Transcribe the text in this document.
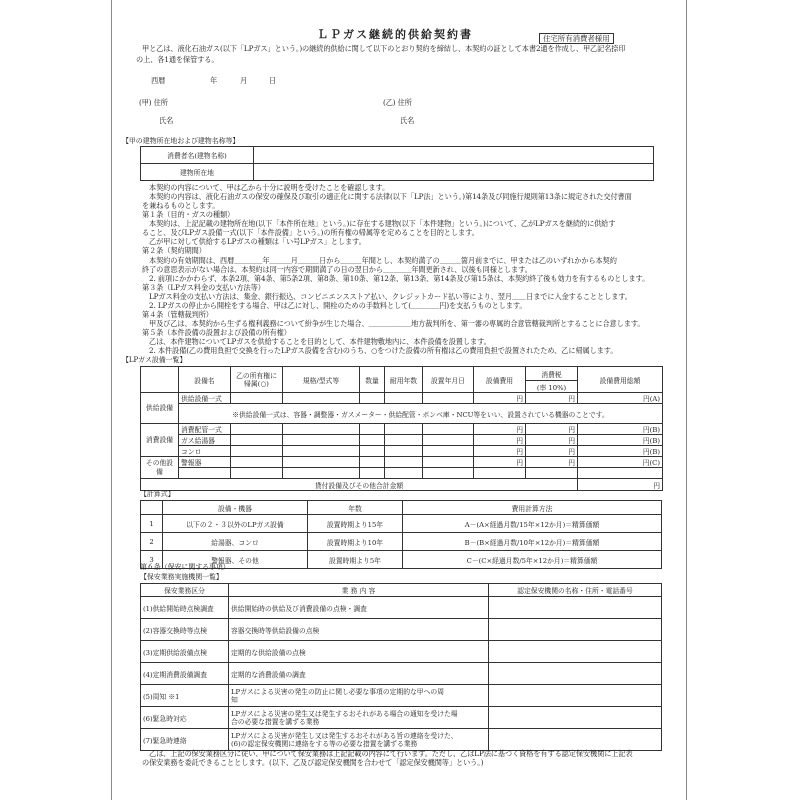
ＬＰガス継続的供給契約書	住宅所有消費者様用
甲と乙は、液化石油ガス(以下「LPガス」という。)の継続的供給に関して以下のとおり契約を締結し、本契約の証として本書2通を作成し、甲乙記名捺印
の上、各1通を保管する。
西暦	年	月	日
(甲) 住所
氏名
(乙) 住所
氏名
【甲の建物所在地および建物名称等】
消費者名(建物名称)	
建物所在地	
本契約の内容について、甲は乙から十分に説明を受けたことを確認します。
本契約の内容は、液化石油ガスの保安の確保及び取引の適正化に関する法律(以下「LP法」という。)第14条及び同施行規則第13条に規定された交付書面
を兼ねるものとします。
第１条（目的・ガスの種類）
本契約は、上記記載の建物所在地(以下「本件所在地」という。)に存在する建物(以下「本件建物」という。)について、乙がLPガスを継続的に供給す
ること、及びLPガス設備一式(以下「本件設備」という。)の所有権の帰属等を定めることを目的とします。
乙が甲に対して供給するLPガスの種類は「い号LPガス」とします。
第２条（契約期間）
本契約の有効期間は、西暦＿＿＿＿年＿＿＿月＿＿＿日から＿＿＿年間とし、本契約満了の＿＿＿箇月前までに、甲または乙のいずれかから本契約
終了の意思表示がない場合は、本契約は同一内容で期間満了の日の翌日から＿＿＿＿年間更新され、以後も同様とします。
2. 前項にかかわらず、本条2項、第4条、第5条2項、第8条、第10条、第12条、第13条、第14条及び第15条は、本契約終了後も効力を有するものとします。
第３条（LPガス料金の支払い方法等）
LPガス料金の支払い方法は、集金、銀行振込、コンビニエンスストア払い、クレジットカード払い等により、翌月＿＿日までに入金することとします。
2. LPガスの停止から開栓をする場合、甲は乙に対し、開栓のための手数料として(＿＿＿＿円)を支払うものとします。
第４条（管轄裁判所）
甲及び乙は、本契約から生ずる権利義務について紛争が生じた場合、＿＿＿＿＿＿地方裁判所を、第一審の専属的合意管轄裁判所とすることに合意します。
第５条（本件設備の設置および設備の所有権）
乙は、本件建物についてLPガスを供給することを目的として、本件建物敷地内に、本件設備を設置します。
2. 本件設備(乙の費用負担で交換を行ったLPガス設備を含む)のうち、○をつけた設備の所有権は乙の費用負担で設置されたため、乙に帰属します。
【LPガス設備一覧】
	設備名	乙の所有権に帰属(○)	規格/型式等	数量	耐用年数	設置年月日	設備費用	消費税	設備費用総額
								(率 10%)	
供給設備	供給設備一式						円	円	円(A)
	※供給設備一式は、容器・調整器・ガスメーター・供給配管・ボンベ庫・NCU等をいい、設置されている機器のことです。								
消費設備	消費配管一式						円	円	円(B)
	ガス給湯器						円	円	円(B)
	コンロ						円	円	円(B)
その他設備	警報器						円	円	円(C)

貸付設備及びその他合計金額									円
【計算式】
	設備・機器	年数	費用計算方法
1	以下の２・３以外のLPガス設備	設置時期より15年	A－(A×経過月数/15年×12か月)＝精算価額
2	給湯器、コンロ	設置時期より10年	B－(B×経過月数/10年×12か月)＝精算価額
3	警報器、その他	設置時期より5年	C－(C×経過月数/5年×12か月)＝精算価額
第６条（保安に関する事項）
【保安業務実施機関一覧】
保安業務区分	業 務 内 容	認定保安機関の名称・住所・電話番号
(1)供給開始時点検調査	供給開始時の供給及び消費設備の点検・調査	
(2)容器交換時等点検	容器交換時等供給設備の点検	
(3)定期供給設備点検	定期的な供給設備の点検	
(4)定期消費設備調査	定期的な消費設備の調査	
(5)周知 ※1	LPガスによる災害の発生の防止に関し必要な事項の定期的な甲への周
知	

(6)緊急時対応	LPガスによる災害の発生又は発生するおそれがある場合の通知を受けた場
合の必要な措置を講ずる業務	

(7)緊急時連絡	LPガスによる災害が発生し又は発生するおそれがある旨の連絡を受けた、
(6)の認定保安機関に連絡をする等の必要な措置を講ずる業務	

乙は、上記の保安業務区分に従い、甲について保安業務は上記記載の内容にて行います。ただし、乙はLP法に基づく資格を有する認定保安機関に上記表
の保安業務を委託できることとします。(以下、乙及び認定保安機関を合わせて「認定保安機関等」という。)
